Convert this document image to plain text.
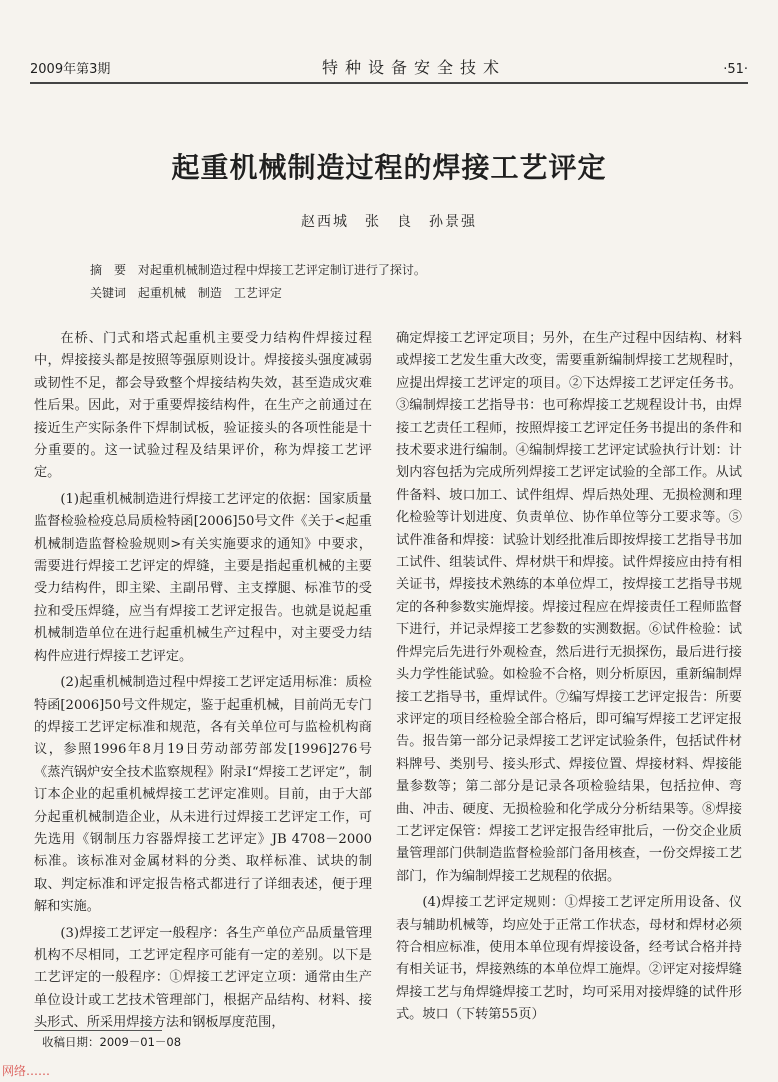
2009年第3期	特种设备安全技术	·51·
起重机械制造过程的焊接工艺评定
赵西城　张　良　孙景强
摘　要 对起重机械制造过程中焊接工艺评定制订进行了探讨。
关键词 起重机械　制造　工艺评定

在桥、门式和塔式起重机主要受力结构件焊接过程中，焊接接头都是按照等强原则设计。焊接接头强度减弱或韧性不足，都会导致整个焊接结构失效，甚至造成灾难性后果。因此，对于重要焊接结构件，在生产之前通过在接近生产实际条件下焊制试板，验证接头的各项性能是十分重要的。这一试验过程及结果评价，称为焊接工艺评定。

(1)起重机械制造进行焊接工艺评定的依据：国家质量监督检验检疫总局质检特函[2006]50号文件《关于<起重机械制造监督检验规则>有关实施要求的通知》中要求，需要进行焊接工艺评定的焊缝，主要是指起重机械的主要受力结构件，即主梁、主副吊臂、主支撑腿、标准节的受拉和受压焊缝，应当有焊接工艺评定报告。也就是说起重机械制造单位在进行起重机械生产过程中，对主要受力结构件应进行焊接工艺评定。

(2)起重机械制造过程中焊接工艺评定适用标准：质检特函[2006]50号文件规定，鉴于起重机械，目前尚无专门的焊接工艺评定标准和规范，各有关单位可与监检机构商议，参照1996年8月19日劳动部劳部发[1996]276号《蒸汽锅炉安全技术监察规程》附录Ⅰ“焊接工艺评定”，制订本企业的起重机械焊接工艺评定准则。目前，由于大部分起重机械制造企业，从未进行过焊接工艺评定工作，可先选用《钢制压力容器焊接工艺评定》JB 4708－2000 标准。该标准对金属材料的分类、取样标准、试块的制取、判定标准和评定报告格式都进行了详细表述，便于理解和实施。

(3)焊接工艺评定一般程序：各生产单位产品质量管理机构不尽相同，工艺评定程序可能有一定的差别。以下是工艺评定的一般程序：①焊接工艺评定立项：通常由生产单位设计或工艺技术管理部门，根据产品结构、材料、接头形式、所采用焊接方法和钢板厚度范围，

确定焊接工艺评定项目；另外，在生产过程中因结构、材料或焊接工艺发生重大改变，需要重新编制焊接工艺规程时，应提出焊接工艺评定的项目。②下达焊接工艺评定任务书。③编制焊接工艺指导书：也可称焊接工艺规程设计书，由焊接工艺责任工程师，按照焊接工艺评定任务书提出的条件和技术要求进行编制。④编制焊接工艺评定试验执行计划：计划内容包括为完成所列焊接工艺评定试验的全部工作。从试件备料、坡口加工、试件组焊、焊后热处理、无损检测和理化检验等计划进度、负责单位、协作单位等分工要求等。⑤试件准备和焊接：试验计划经批准后即按焊接工艺指导书加工试件、组装试件、焊材烘干和焊接。试件焊接应由持有相关证书，焊接技术熟练的本单位焊工，按焊接工艺指导书规定的各种参数实施焊接。焊接过程应在焊接责任工程师监督下进行，并记录焊接工艺参数的实测数据。⑥试件检验：试件焊完后先进行外观检查，然后进行无损探伤，最后进行接头力学性能试验。如检验不合格，则分析原因，重新编制焊接工艺指导书，重焊试件。⑦编写焊接工艺评定报告：所要求评定的项目经检验全部合格后，即可编写焊接工艺评定报告。报告第一部分记录焊接工艺评定试验条件，包括试件材料牌号、类别号、接头形式、焊接位置、焊接材料、焊接能量参数等；第二部分是记录各项检验结果，包括拉伸、弯曲、冲击、硬度、无损检验和化学成分分析结果等。⑧焊接工艺评定保管：焊接工艺评定报告经审批后，一份交企业质量管理部门供制造监督检验部门备用核查，一份交焊接工艺部门，作为编制焊接工艺规程的依据。

(4)焊接工艺评定规则：①焊接工艺评定所用设备、仪表与辅助机械等，均应处于正常工作状态，母材和焊材必须符合相应标准，使用本单位现有焊接设备，经考试合格并持有相关证书，焊接熟练的本单位焊工施焊。②评定对接焊缝焊接工艺与角焊缝焊接工艺时，均可采用对接焊缝的试件形式。坡口（下转第55页）

收稿日期：2009－01－08
网络……
